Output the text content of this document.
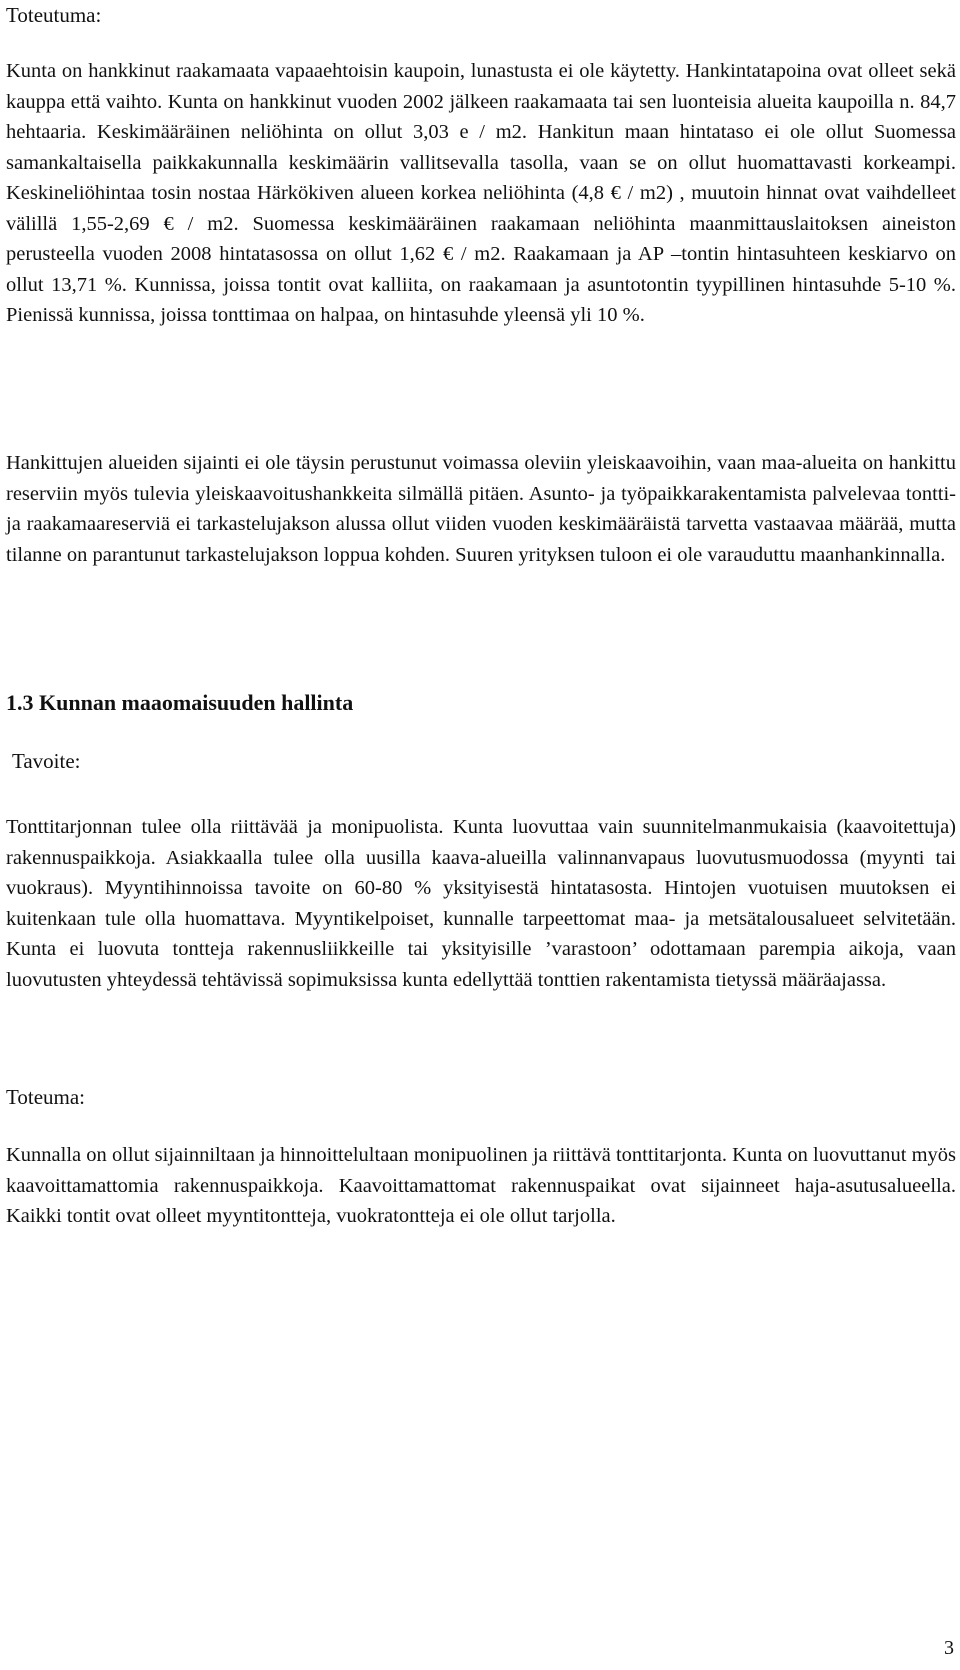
Toteutuma:

Kunta on hankkinut raakamaata vapaaehtoisin kaupoin, lunastusta ei ole käytetty. Hankintatapoina ovat olleet sekä kauppa että vaihto. Kunta on hankkinut vuoden 2002 jälkeen raakamaata tai sen luonteisia alueita kaupoilla n. 84,7 hehtaaria. Keskimääräinen neliöhinta on ollut 3,03 e / m2. Hankitun maan hintataso ei ole ollut Suomessa samankaltaisella paikkakunnalla keskimäärin vallitsevalla tasolla, vaan se on ollut huomattavasti korkeampi. Keskineliöhintaa tosin nostaa Härkökiven alueen korkea neliöhinta (4,8 € / m2) , muutoin hinnat ovat vaihdelleet välillä 1,55-2,69 € / m2. Suomessa keskimääräinen raakamaan neliöhinta maanmittauslaitoksen aineiston perusteella vuoden 2008 hintatasossa on ollut 1,62 € / m2. Raakamaan ja AP –tontin hintasuhteen keskiarvo on ollut 13,71 %. Kunnissa, joissa tontit ovat kalliita, on raakamaan ja asuntotontin tyypillinen hintasuhde 5-10 %. Pienissä kunnissa, joissa tonttimaa on halpaa, on hintasuhde yleensä yli 10 %.

Hankittujen alueiden sijainti ei ole täysin perustunut voimassa oleviin yleiskaavoihin, vaan maa-alueita on hankittu reserviin myös tulevia yleiskaavoitushankkeita silmällä pitäen. Asunto- ja työpaikkarakentamista palvelevaa tontti- ja raakamaareserviä ei tarkastelujakson alussa ollut viiden vuoden keskimääräistä tarvetta vastaavaa määrää, mutta tilanne on parantunut tarkastelujakson loppua kohden. Suuren yrityksen tuloon ei ole varauduttu maanhankinnalla.

1.3 Kunnan maaomaisuuden hallinta

Tavoite:

Tonttitarjonnan tulee olla riittävää ja monipuolista. Kunta luovuttaa vain suunnitelmanmukaisia (kaavoitettuja) rakennuspaikkoja. Asiakkaalla tulee olla uusilla kaava-alueilla valinnanvapaus luovutusmuodossa (myynti tai vuokraus). Myyntihinnoissa tavoite on 60-80 % yksityisestä hintatasosta. Hintojen vuotuisen muutoksen ei kuitenkaan tule olla huomattava. Myyntikelpoiset, kunnalle tarpeettomat maa- ja metsätalousalueet selvitetään. Kunta ei luovuta tontteja rakennusliikkeille tai yksityisille ’varastoon’ odottamaan parempia aikoja, vaan luovutusten yhteydessä tehtävissä sopimuksissa kunta edellyttää tonttien rakentamista tietyssä määräajassa.

Toteuma:

Kunnalla on ollut sijainniltaan ja hinnoittelultaan monipuolinen ja riittävä tonttitarjonta. Kunta on luovuttanut myös kaavoittamattomia rakennuspaikkoja. Kaavoittamattomat rakennuspaikat ovat sijainneet haja-asutusalueella. Kaikki tontit ovat olleet myyntitontteja, vuokratontteja ei ole ollut tarjolla.

3
